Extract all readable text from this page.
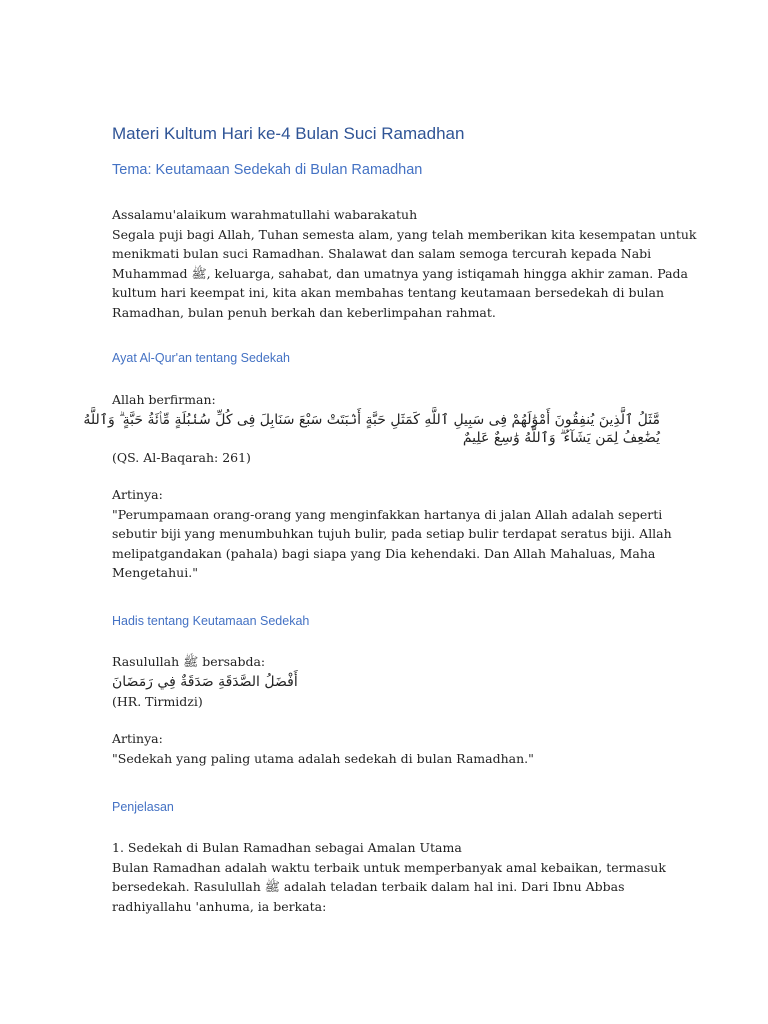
Materi Kultum Hari ke-4 Bulan Suci Ramadhan
Tema: Keutamaan Sedekah di Bulan Ramadhan
Assalamu'alaikum warahmatullahi wabarakatuh
Segala puji bagi Allah, Tuhan semesta alam, yang telah memberikan kita kesempatan untuk
menikmati bulan suci Ramadhan. Shalawat dan salam semoga tercurah kepada Nabi
Muhammad ﷺ, keluarga, sahabat, dan umatnya yang istiqamah hingga akhir zaman. Pada
kultum hari keempat ini, kita akan membahas tentang keutamaan bersedekah di bulan
Ramadhan, bulan penuh berkah dan keberlimpahan rahmat.
Ayat Al-Qur'an tentang Sedekah
Allah berfirman:
مَّثَلُ ٱلَّذِينَ يُنفِقُونَ أَمْوَٰلَهُمْ فِى سَبِيلِ ٱللَّهِ كَمَثَلِ حَبَّةٍ أَنۢبَتَتْ سَبْعَ سَنَابِلَ فِى كُلِّ سُنۢبُلَةٍ مِّا۟ئَةُ حَبَّةٍ ۗ وَٱللَّهُ
يُضَٰعِفُ لِمَن يَشَآءُ ۗ وَٱللَّهُ وَٰسِعٌ عَلِيمٌ
(QS. Al-Baqarah: 261)
Artinya:
"Perumpamaan orang-orang yang menginfakkan hartanya di jalan Allah adalah seperti
sebutir biji yang menumbuhkan tujuh bulir, pada setiap bulir terdapat seratus biji. Allah
melipatgandakan (pahala) bagi siapa yang Dia kehendaki. Dan Allah Mahaluas, Maha
Mengetahui."
Hadis tentang Keutamaan Sedekah
Rasulullah ﷺ bersabda:
أَفْضَلُ الصَّدَقَةِ صَدَقَةٌ فِي رَمَضَانَ
(HR. Tirmidzi)
Artinya:
"Sedekah yang paling utama adalah sedekah di bulan Ramadhan."
Penjelasan
1. Sedekah di Bulan Ramadhan sebagai Amalan Utama
Bulan Ramadhan adalah waktu terbaik untuk memperbanyak amal kebaikan, termasuk
bersedekah. Rasulullah ﷺ adalah teladan terbaik dalam hal ini. Dari Ibnu Abbas
radhiyallahu 'anhuma, ia berkata:
